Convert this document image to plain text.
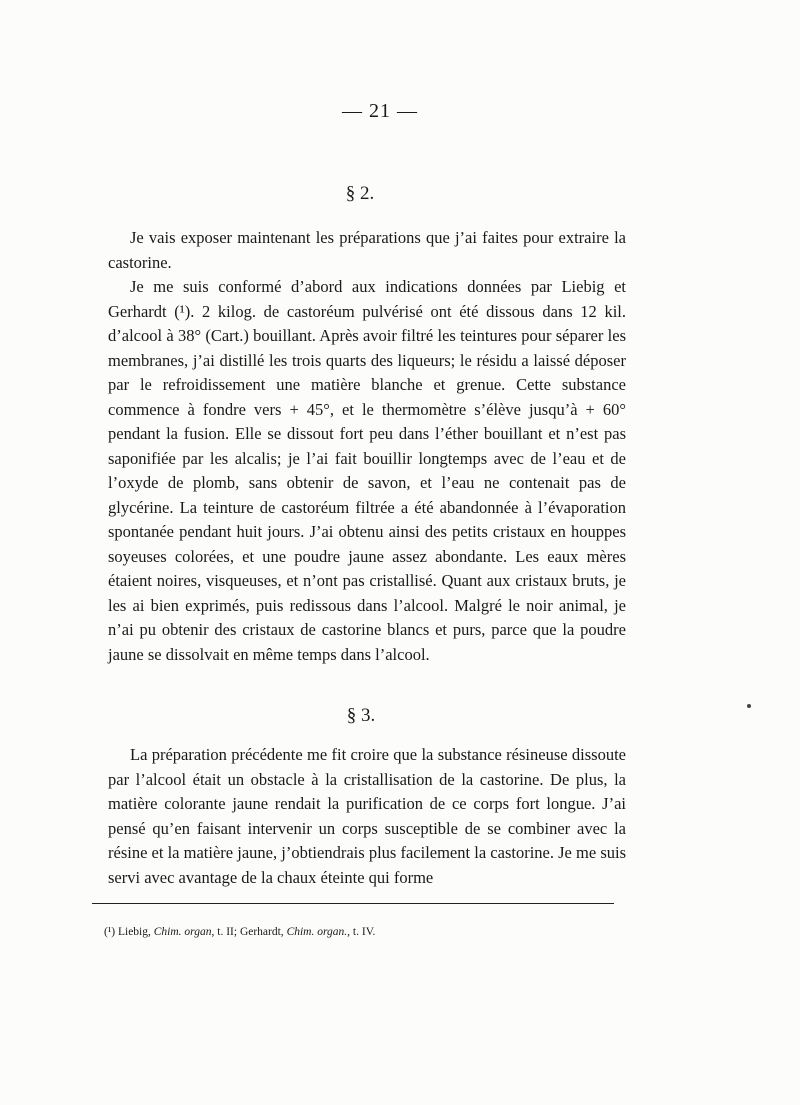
— 21 —
§ 2.

Je vais exposer maintenant les préparations que j’ai faites pour extraire la castorine.

Je me suis conformé d’abord aux indications données par Liebig et Gerhardt (¹). 2 kilog. de castoréum pulvérisé ont été dissous dans 12 kil. d’alcool à 38° (Cart.) bouillant. Après avoir filtré les teintures pour séparer les membranes, j’ai distillé les trois quarts des liqueurs; le résidu a laissé déposer par le refroidissement une matière blanche et grenue. Cette substance commence à fondre vers + 45°, et le thermomètre s’élève jusqu’à + 60° pendant la fusion. Elle se dissout fort peu dans l’éther bouillant et n’est pas saponifiée par les alcalis; je l’ai fait bouillir longtemps avec de l’eau et de l’oxyde de plomb, sans obtenir de savon, et l’eau ne contenait pas de glycérine. La teinture de castoréum filtrée a été abandonnée à l’évaporation spontanée pendant huit jours. J’ai obtenu ainsi des petits cristaux en houppes soyeuses colorées, et une poudre jaune assez abondante. Les eaux mères étaient noires, visqueuses, et n’ont pas cristallisé. Quant aux cristaux bruts, je les ai bien exprimés, puis redissous dans l’alcool. Malgré le noir animal, je n’ai pu obtenir des cristaux de castorine blancs et purs, parce que la poudre jaune se dissolvait en même temps dans l’alcool.

§ 3.

La préparation précédente me fit croire que la substance résineuse dissoute par l’alcool était un obstacle à la cristallisation de la castorine. De plus, la matière colorante jaune rendait la purification de ce corps fort longue. J’ai pensé qu’en faisant intervenir un corps susceptible de se combiner avec la résine et la matière jaune, j’obtiendrais plus facilement la castorine. Je me suis servi avec avantage de la chaux éteinte qui forme

(¹) Liebig, Chim. organ, t. II; Gerhardt, Chim. organ., t. IV.
